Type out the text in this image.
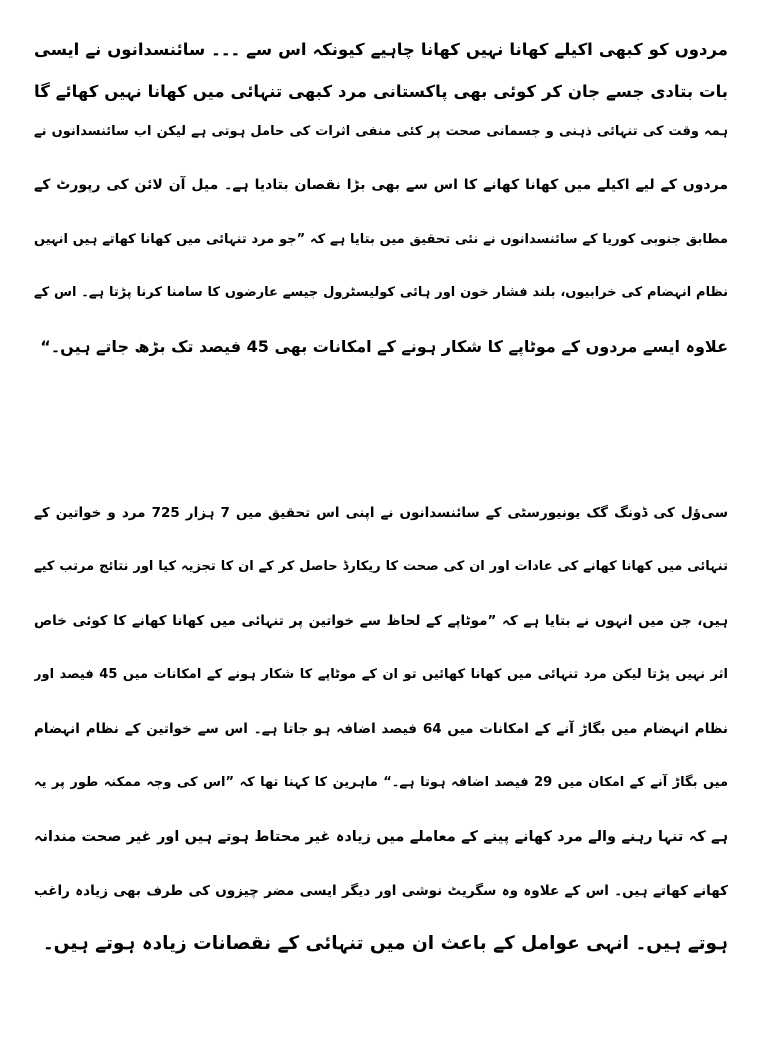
مردوں کو کبھی اکیلے کھانا نہیں کھانا چاہیے کیونکہ اس سے ۔۔۔ سائنسدانوں نے ایسی
بات بتادی جسے جان کر کوئی بھی پاکستانی مرد کبھی تنہائی میں کھانا نہیں کھائے گا
ہمہ وقت کی تنہائی ذہنی و جسمانی صحت پر کئی منفی اثرات کی حامل ہوتی ہے لیکن اب سائنسدانوں نے
مردوں کے لیے اکیلے میں کھانا کھانے کا اس سے بھی بڑا نقصان بتادیا ہے۔ میل آن لائن کی رپورٹ کے
مطابق جنوبی کوریا کے سائنسدانوں نے نئی تحقیق میں بتایا ہے کہ ”جو مرد تنہائی میں کھانا کھاتے ہیں انہیں
نظام انہضام کی خرابیوں، بلند فشار خون اور ہائی کولیسٹرول جیسے عارضوں کا سامنا کرنا پڑتا ہے۔ اس کے
علاوہ ایسے مردوں کے موٹاپے کا شکار ہونے کے امکانات بھی 45 فیصد تک بڑھ جاتے ہیں۔“
سیﺅل کی ڈونگ گک یونیورسٹی کے سائنسدانوں نے اپنی اس تحقیق میں 7 ہزار 725 مرد و خواتین کے
تنہائی میں کھانا کھانے کی عادات اور ان کی صحت کا ریکارڈ حاصل کر کے ان کا تجزیہ کیا اور نتائج مرتب کیے
ہیں، جن میں انہوں نے بتایا ہے کہ ”موٹاپے کے لحاظ سے خواتین پر تنہائی میں کھانا کھانے کا کوئی خاص
اثر نہیں پڑتا لیکن مرد تنہائی میں کھانا کھائیں تو ان کے موٹاپے کا شکار ہونے کے امکانات میں 45 فیصد اور
نظام انہضام میں بگاڑ آنے کے امکانات میں 64 فیصد اضافہ ہو جاتا ہے۔ اس سے خواتین کے نظام انہضام
میں بگاڑ آنے کے امکان میں 29 فیصد اضافہ ہوتا ہے۔“ ماہرین کا کہنا تھا کہ ”اس کی وجہ ممکنہ طور پر یہ
ہے کہ تنہا رہنے والے مرد کھانے پینے کے معاملے میں زیادہ غیر محتاط ہوتے ہیں اور غیر صحت مندانہ
کھانے کھاتے ہیں۔ اس کے علاوہ وہ سگریٹ نوشی اور دیگر ایسی مضر چیزوں کی طرف بھی زیادہ راغب
ہوتے ہیں۔ انہی عوامل کے باعث ان میں تنہائی کے نقصانات زیادہ ہوتے ہیں۔
